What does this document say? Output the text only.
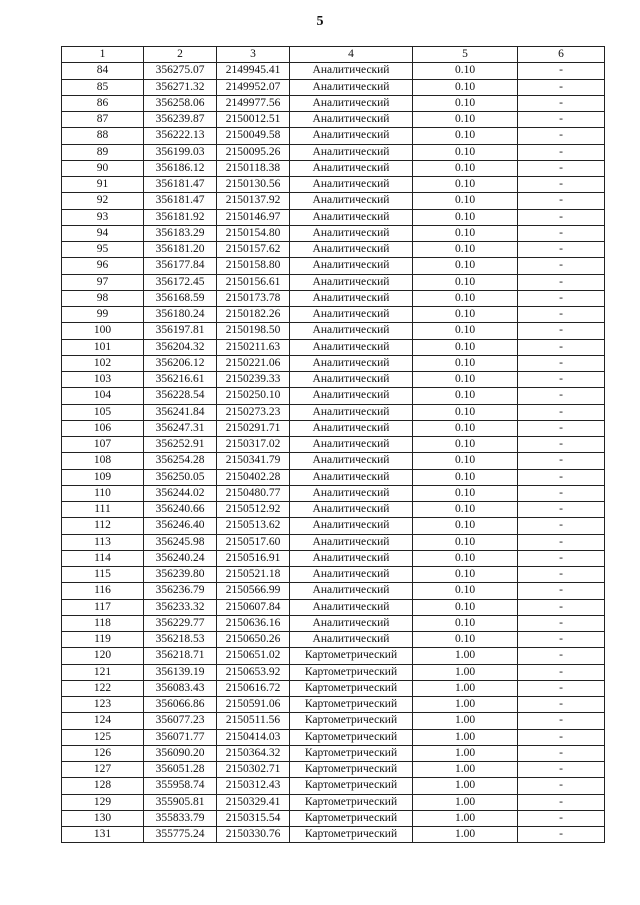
5
1	2	3	4	5	6
84	356275.07	2149945.41	Аналитический	0.10	-
85	356271.32	2149952.07	Аналитический	0.10	-
86	356258.06	2149977.56	Аналитический	0.10	-
87	356239.87	2150012.51	Аналитический	0.10	-
88	356222.13	2150049.58	Аналитический	0.10	-
89	356199.03	2150095.26	Аналитический	0.10	-
90	356186.12	2150118.38	Аналитический	0.10	-
91	356181.47	2150130.56	Аналитический	0.10	-
92	356181.47	2150137.92	Аналитический	0.10	-
93	356181.92	2150146.97	Аналитический	0.10	-
94	356183.29	2150154.80	Аналитический	0.10	-
95	356181.20	2150157.62	Аналитический	0.10	-
96	356177.84	2150158.80	Аналитический	0.10	-
97	356172.45	2150156.61	Аналитический	0.10	-
98	356168.59	2150173.78	Аналитический	0.10	-
99	356180.24	2150182.26	Аналитический	0.10	-
100	356197.81	2150198.50	Аналитический	0.10	-
101	356204.32	2150211.63	Аналитический	0.10	-
102	356206.12	2150221.06	Аналитический	0.10	-
103	356216.61	2150239.33	Аналитический	0.10	-
104	356228.54	2150250.10	Аналитический	0.10	-
105	356241.84	2150273.23	Аналитический	0.10	-
106	356247.31	2150291.71	Аналитический	0.10	-
107	356252.91	2150317.02	Аналитический	0.10	-
108	356254.28	2150341.79	Аналитический	0.10	-
109	356250.05	2150402.28	Аналитический	0.10	-
110	356244.02	2150480.77	Аналитический	0.10	-
111	356240.66	2150512.92	Аналитический	0.10	-
112	356246.40	2150513.62	Аналитический	0.10	-
113	356245.98	2150517.60	Аналитический	0.10	-
114	356240.24	2150516.91	Аналитический	0.10	-
115	356239.80	2150521.18	Аналитический	0.10	-
116	356236.79	2150566.99	Аналитический	0.10	-
117	356233.32	2150607.84	Аналитический	0.10	-
118	356229.77	2150636.16	Аналитический	0.10	-
119	356218.53	2150650.26	Аналитический	0.10	-
120	356218.71	2150651.02	Картометрический	1.00	-
121	356139.19	2150653.92	Картометрический	1.00	-
122	356083.43	2150616.72	Картометрический	1.00	-
123	356066.86	2150591.06	Картометрический	1.00	-
124	356077.23	2150511.56	Картометрический	1.00	-
125	356071.77	2150414.03	Картометрический	1.00	-
126	356090.20	2150364.32	Картометрический	1.00	-
127	356051.28	2150302.71	Картометрический	1.00	-
128	355958.74	2150312.43	Картометрический	1.00	-
129	355905.81	2150329.41	Картометрический	1.00	-
130	355833.79	2150315.54	Картометрический	1.00	-
131	355775.24	2150330.76	Картометрический	1.00	-
